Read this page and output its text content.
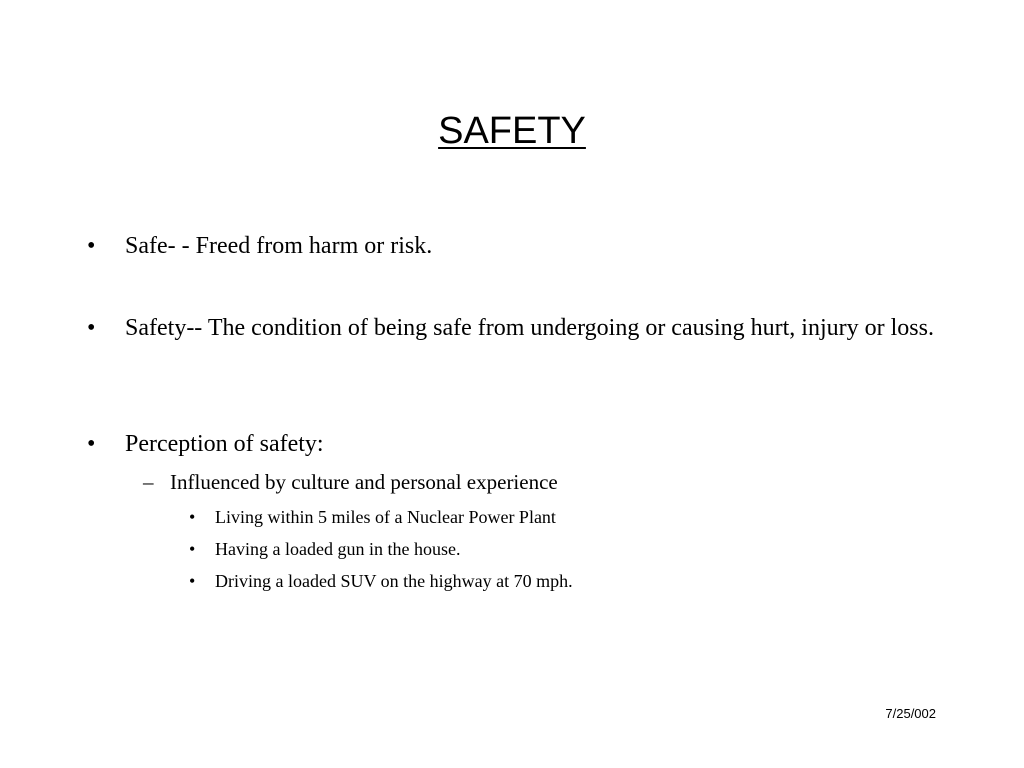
SAFETY
• Safe- - Freed from harm or risk.
• Safety-- The condition of being safe from undergoing or causing hurt, injury or loss.
• Perception of safety:
– Influenced by culture and personal experience
• Living within 5 miles of a Nuclear Power Plant
• Having a loaded gun in the house.
• Driving a loaded SUV on the highway at 70 mph.
7/25/002
